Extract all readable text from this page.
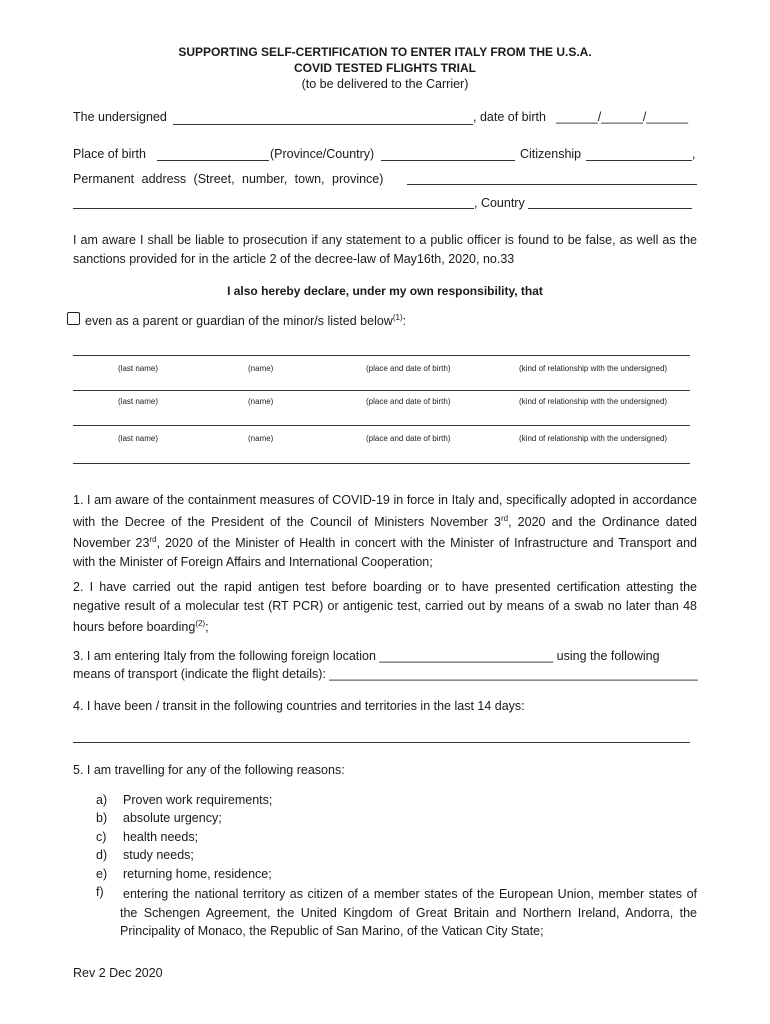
SUPPORTING SELF-CERTIFICATION TO ENTER ITALY FROM THE U.S.A.
COVID TESTED FLIGHTS TRIAL
(to be delivered to the Carrier)
The undersigned	, date of birth ______/______/______
Place of birth	(Province/Country)	Citizenship	,
Permanent address (Street, number, town, province)
, Country
I am aware I shall be liable to prosecution if any statement to a public officer is found to be false, as well as the sanctions provided for in the article 2 of the decree-law of May16th, 2020, no.33
I also hereby declare, under my own responsibility, that
even as a parent or guardian of the minor/s listed below$^{(1)}$:
(last name)	(name)	(place and date of birth)	(kind of relationship with the undersigned)
(last name)	(name)	(place and date of birth)	(kind of relationship with the undersigned)
(last name)	(name)	(place and date of birth)	(kind of relationship with the undersigned)
1. I am aware of the containment measures of COVID-19 in force in Italy and, specifically adopted in accordance with the Decree of the President of the Council of Ministers November 3rd, 2020 and the Ordinance dated November 23rd, 2020 of the Minister of Health in concert with the Minister of Infrastructure and Transport and with the Minister of Foreign Affairs and International Cooperation;
2. I have carried out the rapid antigen test before boarding or to have presented certification attesting the negative result of a molecular test (RT PCR) or antigenic test, carried out by means of a swab no later than 48 hours before boarding$^{(2)}$;
3. I am entering Italy from the following foreign location _________________________ using the following
means of transport (indicate the flight details): _____________________________________________________
4. I have been / transit in the following countries and territories in the last 14 days:
5. I am travelling for any of the following reasons:
a) Proven work requirements;
b) absolute urgency;
c) health needs;
d) study needs;
e) returning home, residence;
f) entering the national territory as citizen of a member states of the European Union, member states of the Schengen Agreement, the United Kingdom of Great Britain and Northern Ireland, Andorra, the Principality of Monaco, the Republic of San Marino, of the Vatican City State;
Rev 2 Dec 2020
